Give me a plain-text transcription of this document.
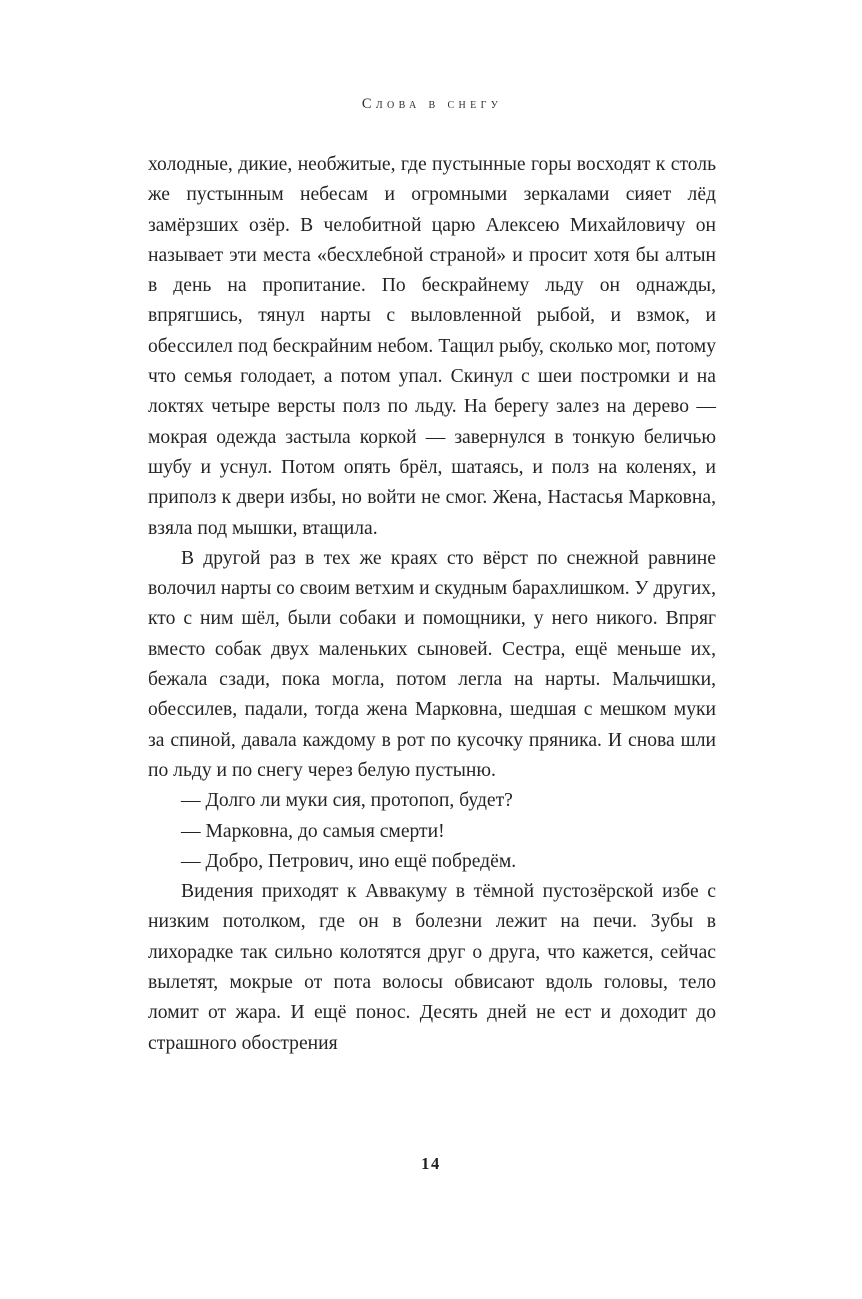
Слова в снегу

холодные, дикие, необжитые, где пустынные горы восходят к столь же пустынным небесам и огромными зеркалами сияет лёд замёрзших озёр. В челобитной царю Алексею Михайловичу он называет эти места «бесхлебной страной» и просит хотя бы алтын в день на пропитание. По бескрайнему льду он однажды, впрягшись, тянул нарты с выловленной рыбой, и взмок, и обессилел под бескрайним небом. Тащил рыбу, сколько мог, потому что семья голодает, а потом упал. Скинул с шеи постромки и на локтях четыре версты полз по льду. На берегу залез на дерево — мокрая одежда застыла коркой — завернулся в тонкую беличью шубу и уснул. Потом опять брёл, шатаясь, и полз на коленях, и приполз к двери избы, но войти не смог. Жена, Настасья Марковна, взяла под мышки, втащила.

В другой раз в тех же краях сто вёрст по снежной равнине волочил нарты со своим ветхим и скудным барахлишком. У других, кто с ним шёл, были собаки и помощники, у него никого. Впряг вместо собак двух маленьких сыновей. Сестра, ещё меньше их, бежала сзади, пока могла, потом легла на нарты. Мальчишки, обессилев, падали, тогда жена Марковна, шедшая с мешком муки за спиной, давала каждому в рот по кусочку пряника. И снова шли по льду и по снегу через белую пустыню.

— Долго ли муки сия, протопоп, будет?

— Марковна, до самыя смерти!

— Добро, Петрович, ино ещё побредём.

Видения приходят к Аввакуму в тёмной пустозёрской избе с низким потолком, где он в болезни лежит на печи. Зубы в лихорадке так сильно колотятся друг о друга, что кажется, сейчас вылетят, мокрые от пота волосы обвисают вдоль головы, тело ломит от жара. И ещё понос. Десять дней не ест и доходит до страшного обострения

14
